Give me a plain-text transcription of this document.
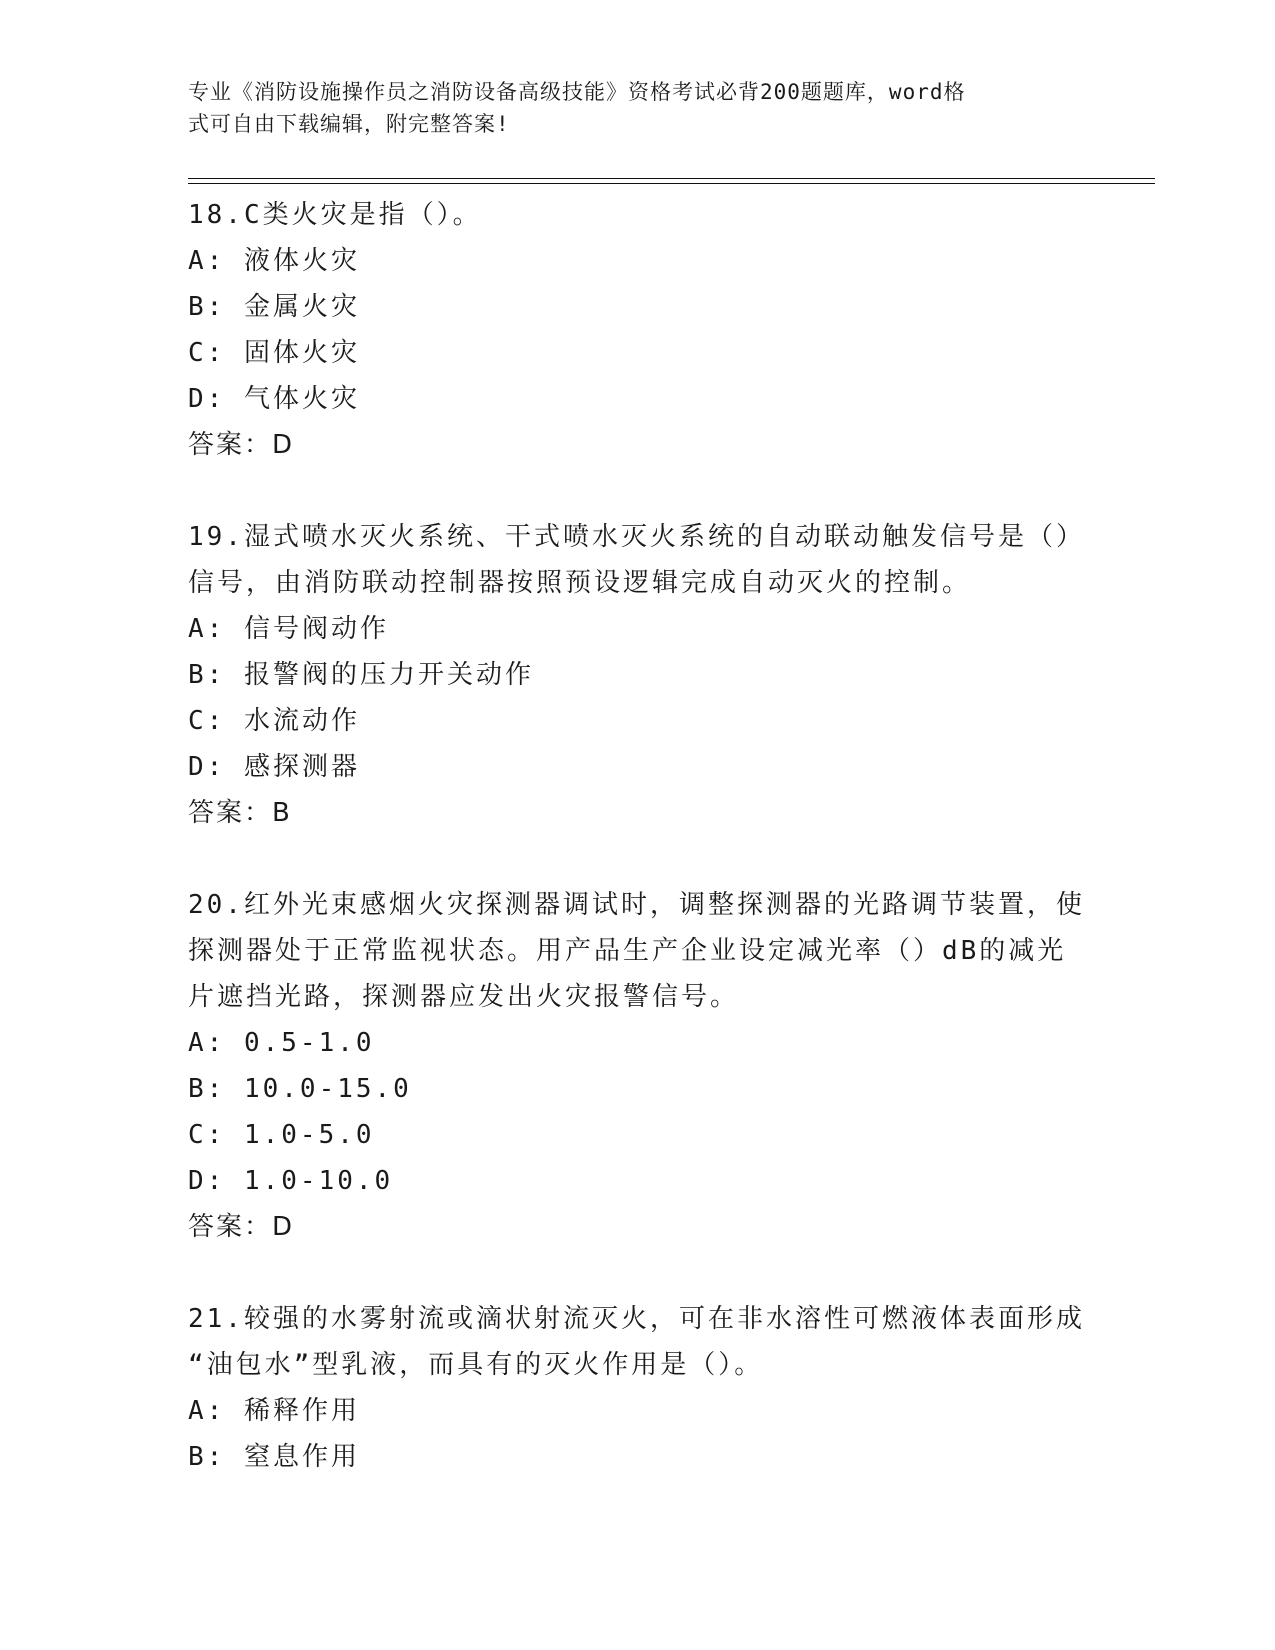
专业《消防设施操作员之消防设备高级技能》资格考试必背200题题库，word格
式可自由下载编辑，附完整答案!
18.C类火灾是指（）。
A: 液体火灾
B: 金属火灾
C: 固体火灾
D: 气体火灾
答案：D
19.湿式喷水灭火系统、干式喷水灭火系统的自动联动触发信号是（）
信号，由消防联动控制器按照预设逻辑完成自动灭火的控制。
A: 信号阀动作
B: 报警阀的压力开关动作
C: 水流动作
D: 感探测器
答案：B
20.红外光束感烟火灾探测器调试时，调整探测器的光路调节装置，使
探测器处于正常监视状态。用产品生产企业设定减光率（）dB的减光
片遮挡光路，探测器应发出火灾报警信号。
A: 0.5-1.0
B: 10.0-15.0
C: 1.0-5.0
D: 1.0-10.0
答案：D
21.较强的水雾射流或滴状射流灭火，可在非水溶性可燃液体表面形成
“油包水”型乳液，而具有的灭火作用是（）。
A: 稀释作用
B: 窒息作用
